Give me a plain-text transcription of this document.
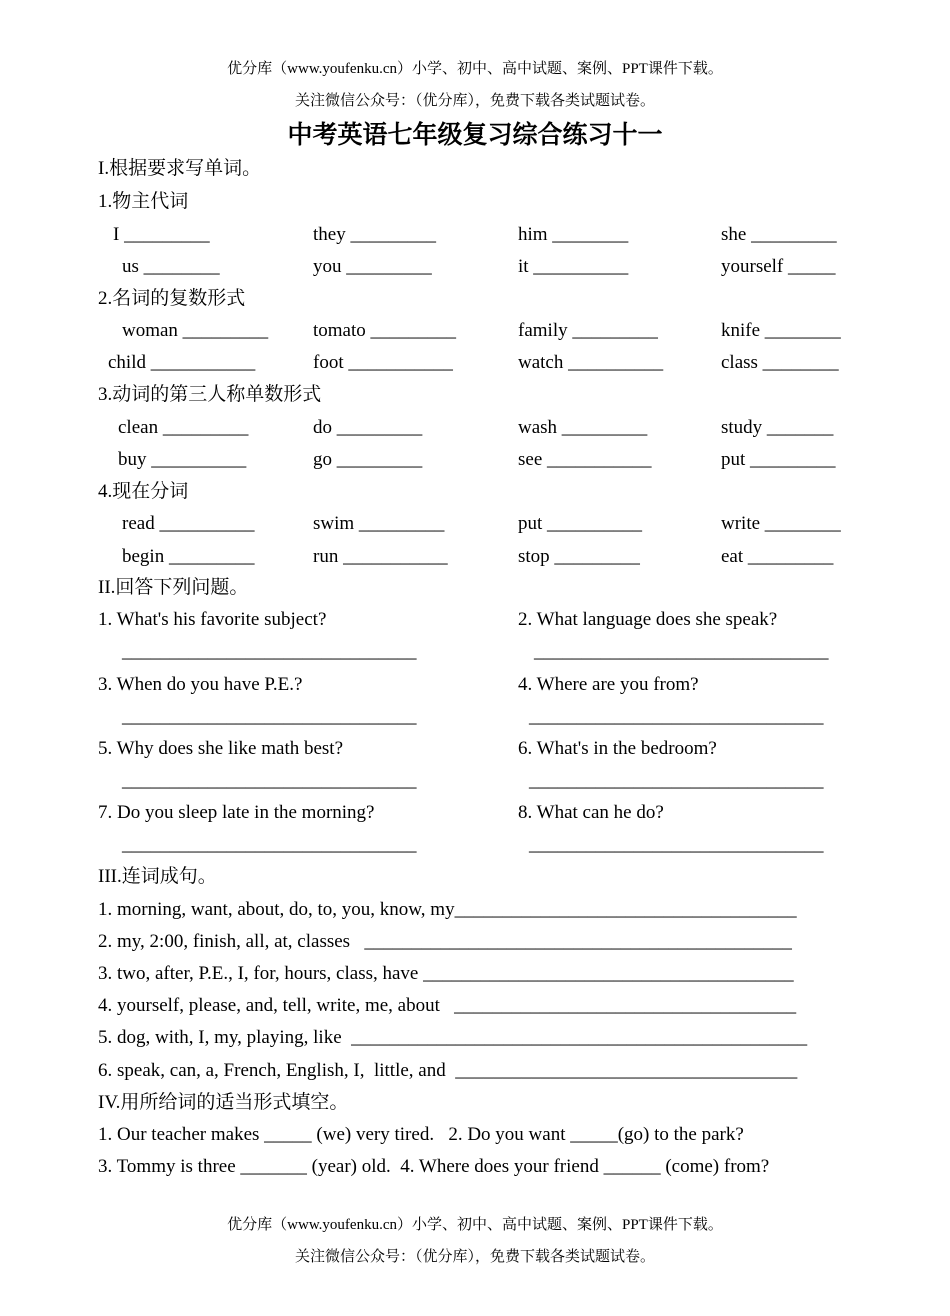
优分库（www.youfenku.cn）小学、初中、高中试题、案例、PPT课件下载。
关注微信公众号：（优分库），免费下载各类试题试卷。
中考英语七年级复习综合练习十一
I.根据要求写单词。
1.物主代词
I _________	they _________	him ________	she _________
us ________	you _________	it __________	yourself _____
2.名词的复数形式
woman _________ tomato _________	family _________	knife ________
child ___________	foot ___________	watch __________	class ________
3.动词的第三人称单数形式
clean _________	do _________	wash _________	study _______
buy __________	go _________	see ___________	put _________
4.现在分词
read __________	swim _________	put __________	write ________
begin _________	run ___________	stop _________	eat _________
II.回答下列问题。
1. What's his favorite subject?	2. What language does she speak?
_______________________________	_______________________________
3. When do you have P.E.?	4. Where are you from?
_______________________________	_______________________________
5. Why does she like math best?	6. What's in the bedroom?
_______________________________	_______________________________
7. Do you sleep late in the morning?	8. What can he do?
_______________________________	_______________________________
III.连词成句。
1. morning, want, about, do, to, you, know, my____________________________________
2. my, 2:00, finish, all, at, classes   _____________________________________________
3. two, after, P.E., I, for, hours, class, have _______________________________________
4. yourself, please, and, tell, write, me, about   ____________________________________
5. dog, with, I, my, playing, like  ________________________________________________
6. speak, can, a, French, English, I,  little, and  ____________________________________
IV.用所给词的适当形式填空。
1. Our teacher makes _____ (we) very tired.   2. Do you want _____(go) to the park?
3. Tommy is three _______ (year) old.  4. Where does your friend ______ (come) from?
优分库（www.youfenku.cn）小学、初中、高中试题、案例、PPT课件下载。
关注微信公众号：（优分库），免费下载各类试题试卷。
